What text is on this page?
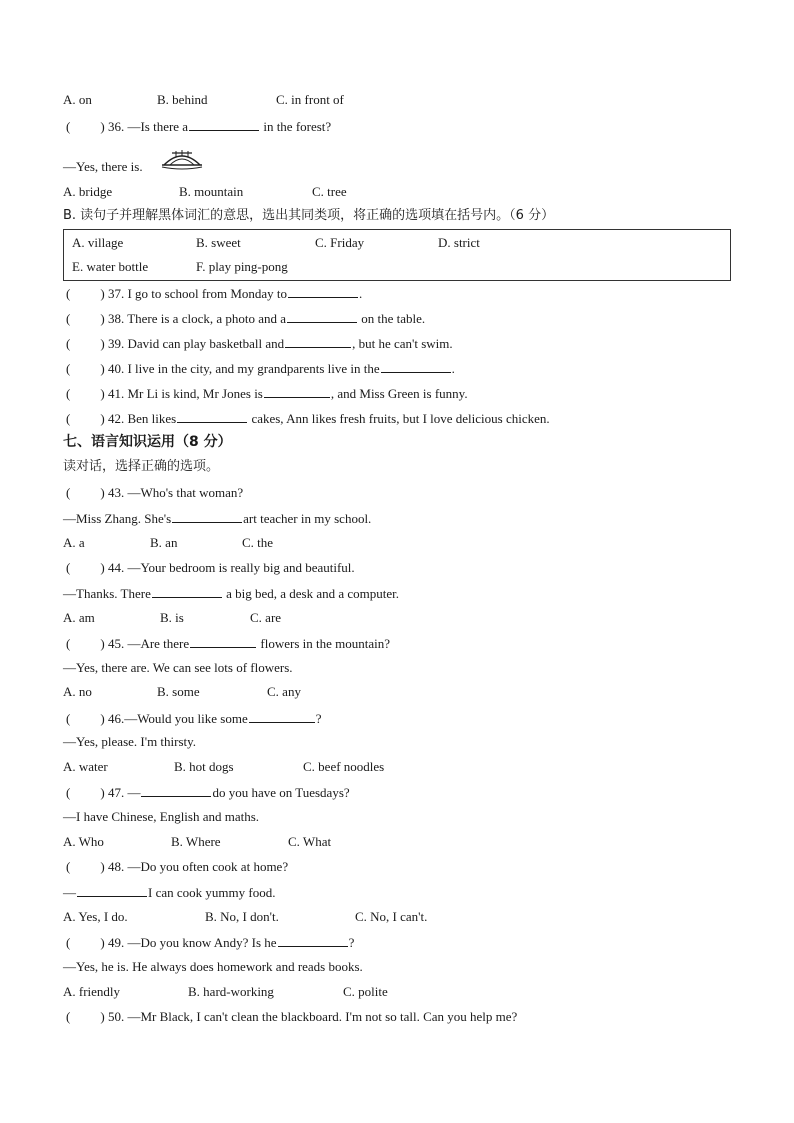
A. on	B. behind	C. in front of
( ) 36. —Is there a	in the forest?
—Yes, there is.
A. bridge	B. mountain	C. tree
B. 读句子并理解黑体词汇的意思，选出其同类项，将正确的选项填在括号内。（6 分）
A. village	B. sweet	C. Friday	D. strict
E. water bottle	F. play ping-pong
( ) 37. I go to school from Monday to	.
( ) 38. There is a clock, a photo and a	on the table.
( ) 39. David can play basketball and	, but he can't swim.
( ) 40. I live in the city, and my grandparents live in the	.
( ) 41. Mr Li is kind, Mr Jones is	, and Miss Green is funny.
( ) 42. Ben likes	cakes, Ann likes fresh fruits, but I love delicious chicken.
七、语言知识运用（8 分）
读对话，选择正确的选项。
( ) 43. —Who's that woman?
—Miss Zhang. She's	art teacher in my school.
A. a	B. an	C. the
( ) 44. —Your bedroom is really big and beautiful.
—Thanks. There	a big bed, a desk and a computer.
A. am	B. is	C. are
( ) 45. —Are there	flowers in the mountain?
—Yes, there are. We can see lots of flowers.
A. no	B. some	C. any
( ) 46.—Would you like some	?
—Yes, please. I'm thirsty.
A. water	B. hot dogs	C. beef noodles
( ) 47. —	do you have on Tuesdays?
—I have Chinese, English and maths.
A. Who	B. Where	C. What
( ) 48. —Do you often cook at home?
—	I can cook yummy food.
A. Yes, I do.	B. No, I don't.	C. No, I can't.
( ) 49. —Do you know Andy? Is he	?
—Yes, he is. He always does homework and reads books.
A. friendly	B. hard-working	C. polite
( ) 50. —Mr Black, I can't clean the blackboard. I'm not so tall. Can you help me?
